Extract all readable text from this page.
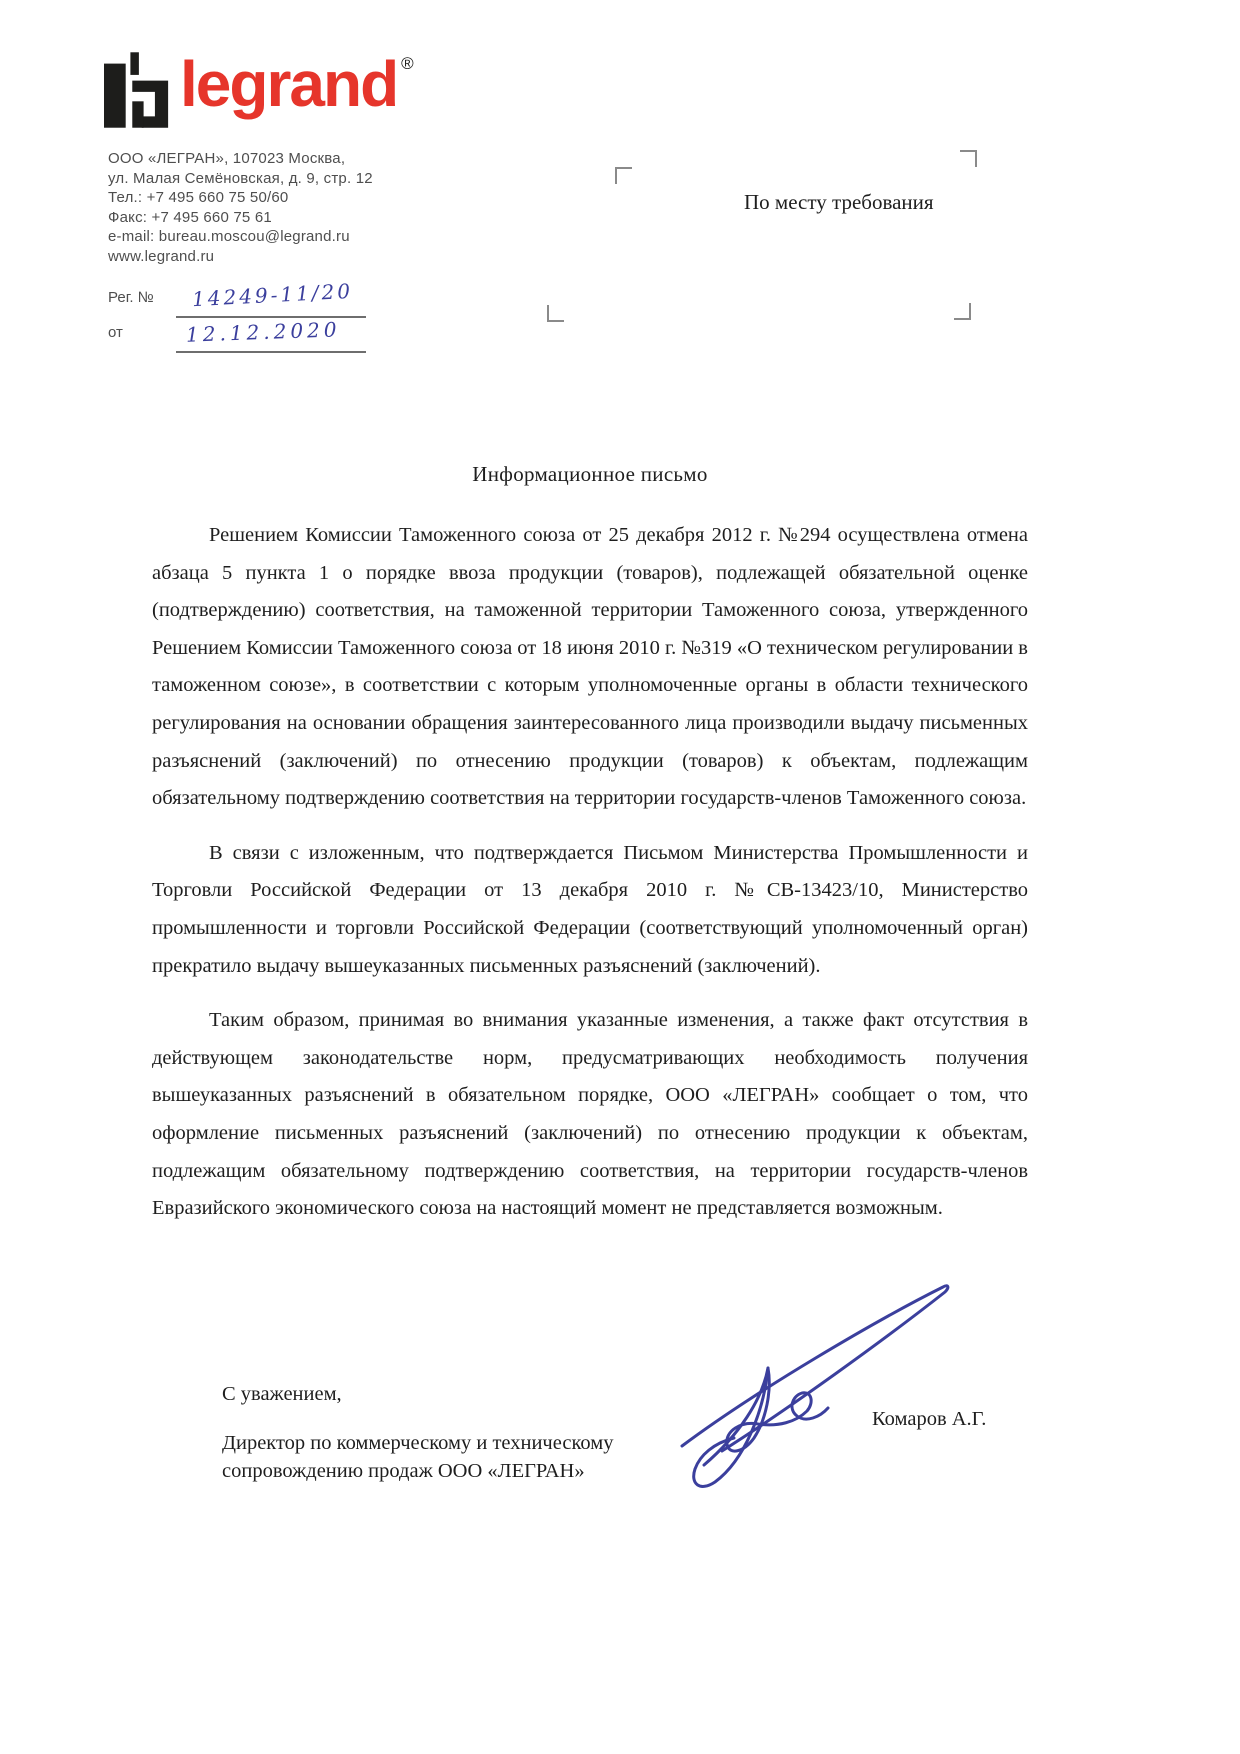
legrand ®
ООО «ЛЕГРАН», 107023 Москва,
ул. Малая Семёновская, д. 9, стр. 12
Тел.: +7 495 660 75 50/60
Факс: +7 495 660 75 61
e-mail: bureau.moscou@legrand.ru
www.legrand.ru
По месту требования
Рег. № 14249-11/20
от	12.12.2020
Информационное письмо

Решением Комиссии Таможенного союза от 25 декабря 2012 г. №294 осуществлена отмена абзаца 5 пункта 1 о порядке ввоза продукции (товаров), подлежащей обязательной оценке (подтверждению) соответствия, на таможенной территории Таможенного союза, утвержденного Решением Комиссии Таможенного союза от 18 июня 2010 г. №319 «О техническом регулировании в таможенном союзе», в соответствии с которым уполномоченные органы в области технического регулирования на основании обращения заинтересованного лица производили выдачу письменных разъяснений (заключений) по отнесению продукции (товаров) к объектам, подлежащим обязательному подтверждению соответствия на территории государств-членов Таможенного союза.

В связи с изложенным, что подтверждается Письмом Министерства Промышленности и Торговли Российской Федерации от 13 декабря 2010 г. №СВ-13423/10, Министерство промышленности и торговли Российской Федерации (соответствующий уполномоченный орган) прекратило выдачу вышеуказанных письменных разъяснений (заключений).

Таким образом, принимая во внимания указанные изменения, а также факт отсутствия в действующем законодательстве норм, предусматривающих необходимость получения вышеуказанных разъяснений в обязательном порядке, ООО «ЛЕГРАН» сообщает о том, что оформление письменных разъяснений (заключений) по отнесению продукции к объектам, подлежащим обязательному подтверждению соответствия, на территории государств-членов Евразийского экономического союза на настоящий момент не представляется возможным.

С уважением,
Директор по коммерческому и техническому
сопровождению продаж ООО «ЛЕГРАН»
Комаров А.Г.
